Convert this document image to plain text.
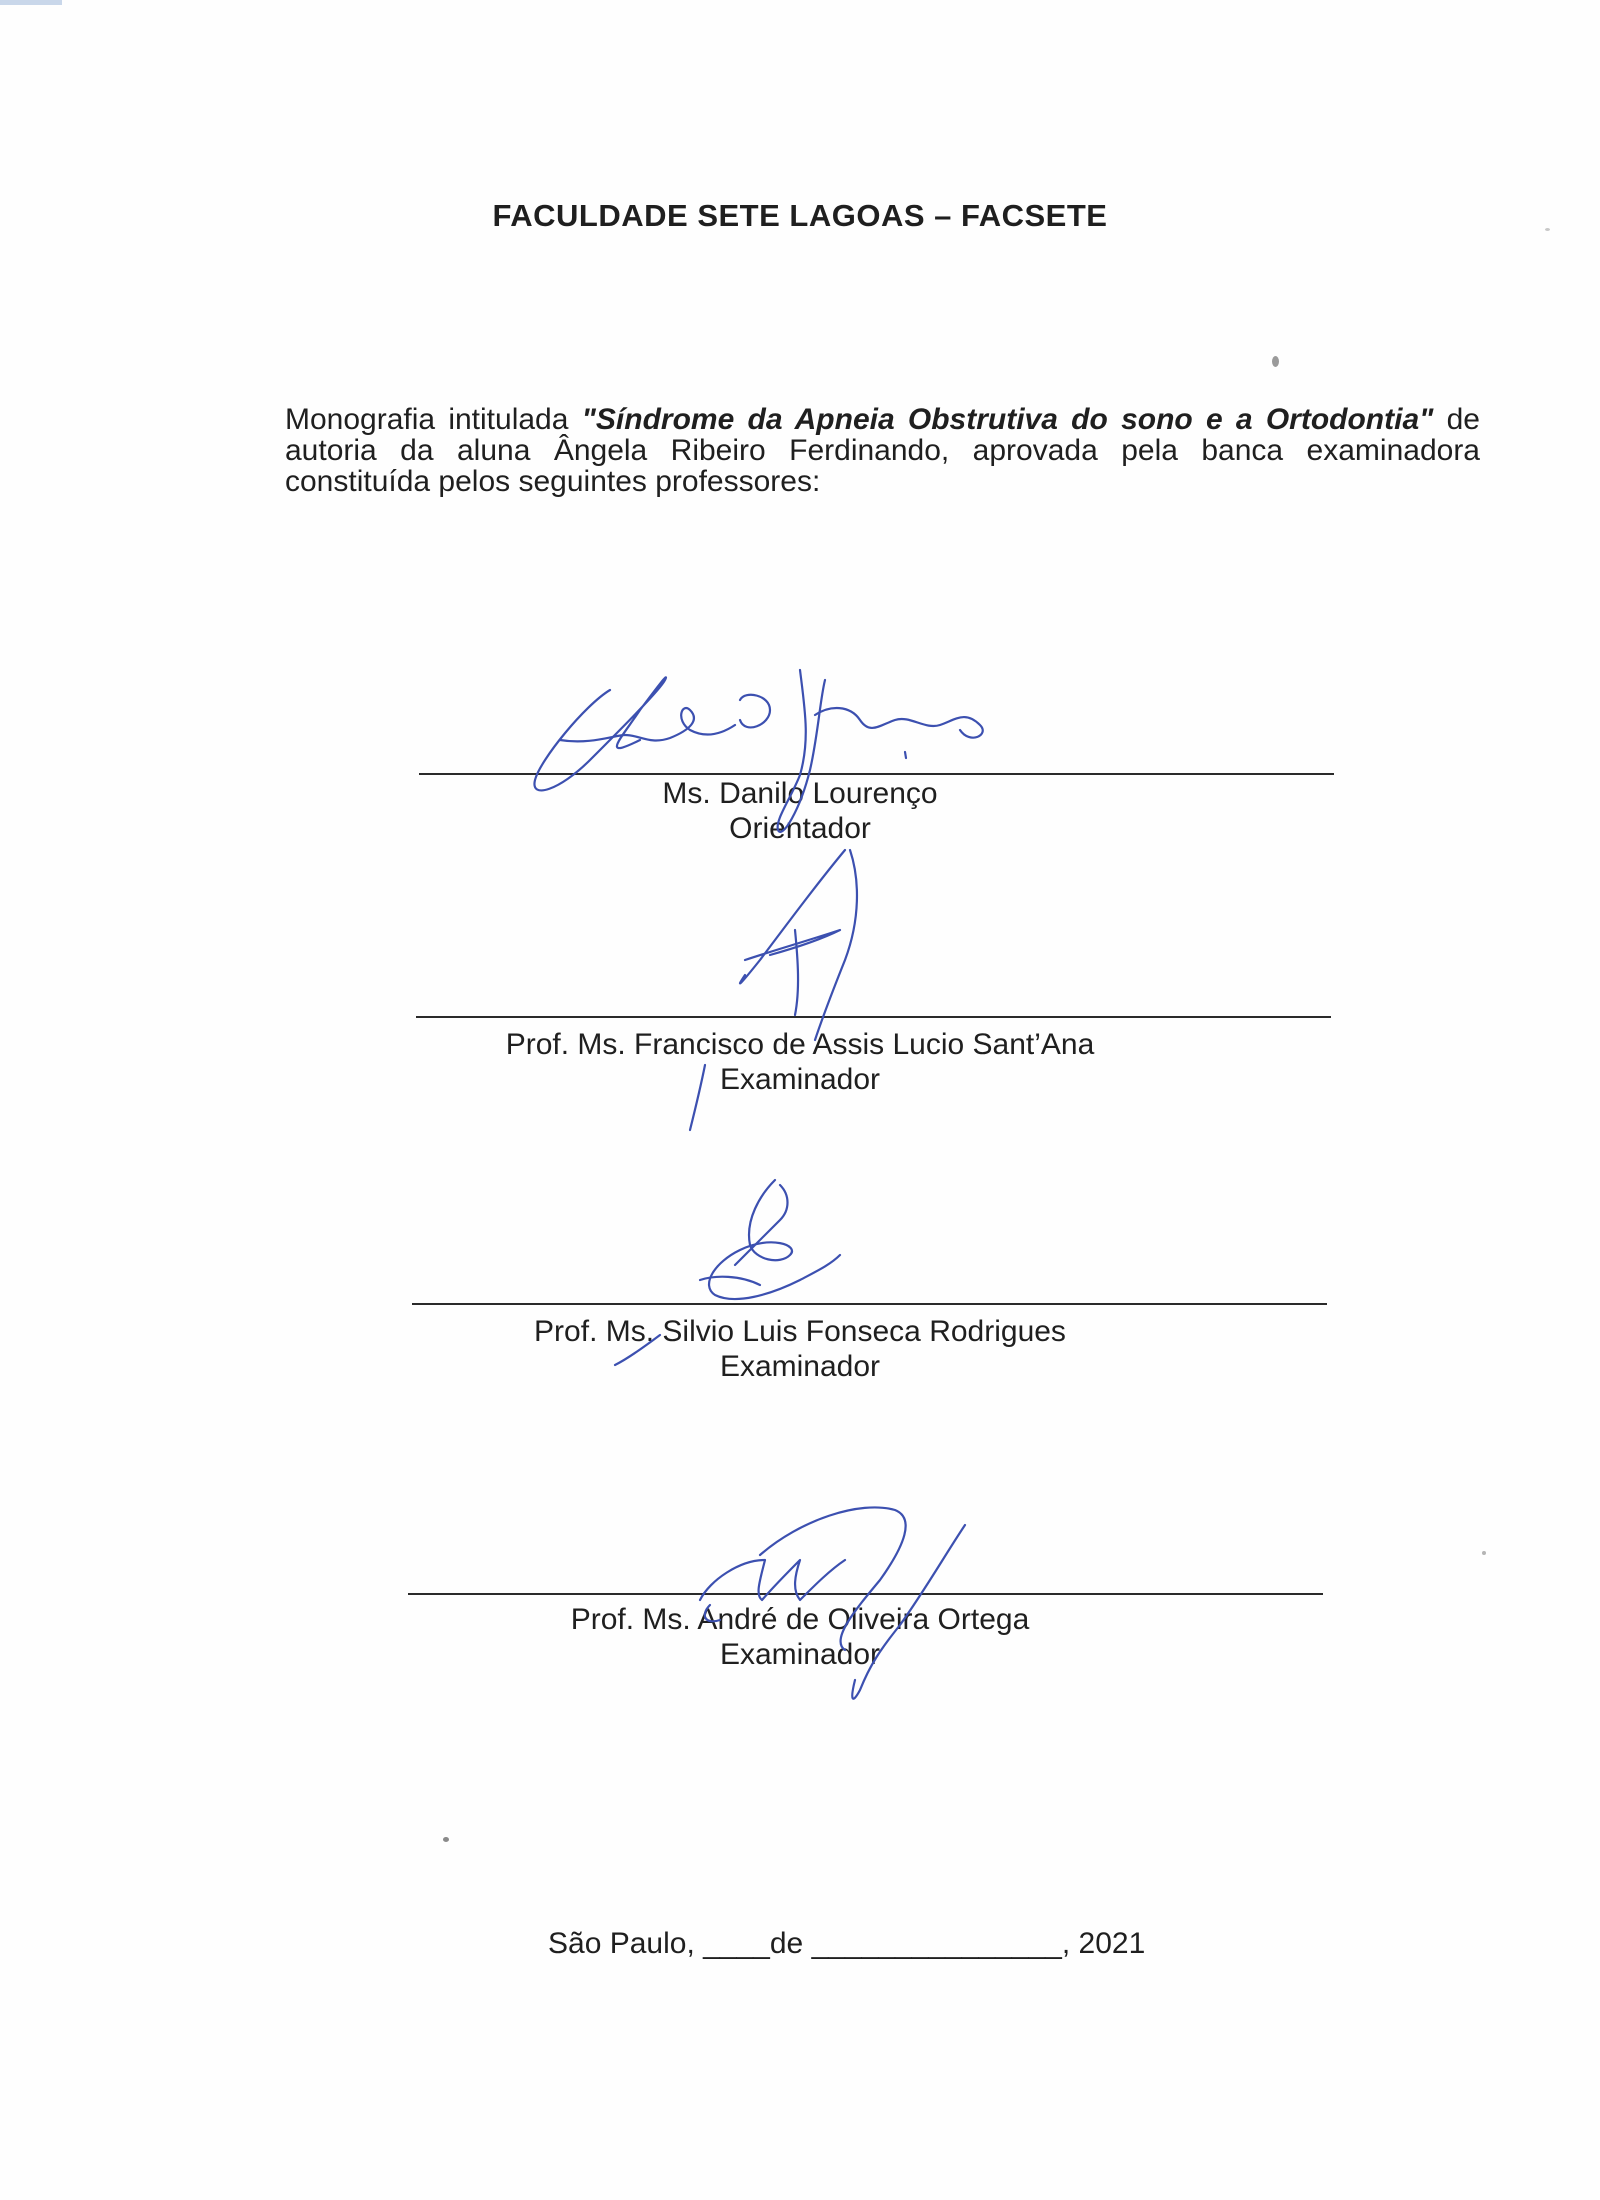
FACULDADE SETE LAGOAS – FACSETE
Monografia intitulada "Síndrome da Apneia Obstrutiva do sono e a Ortodontia" de autoria da aluna Ângela Ribeiro Ferdinando, aprovada pela banca examinadora constituída pelos seguintes professores:
Ms. Danilo Lourenço
Orientador
Prof. Ms. Francisco de Assis Lucio Sant’Ana
Examinador
Prof. Ms. Silvio Luis Fonseca Rodrigues
Examinador
Prof. Ms. André de Oliveira Ortega
Examinador
São Paulo, ____de _______________, 2021
